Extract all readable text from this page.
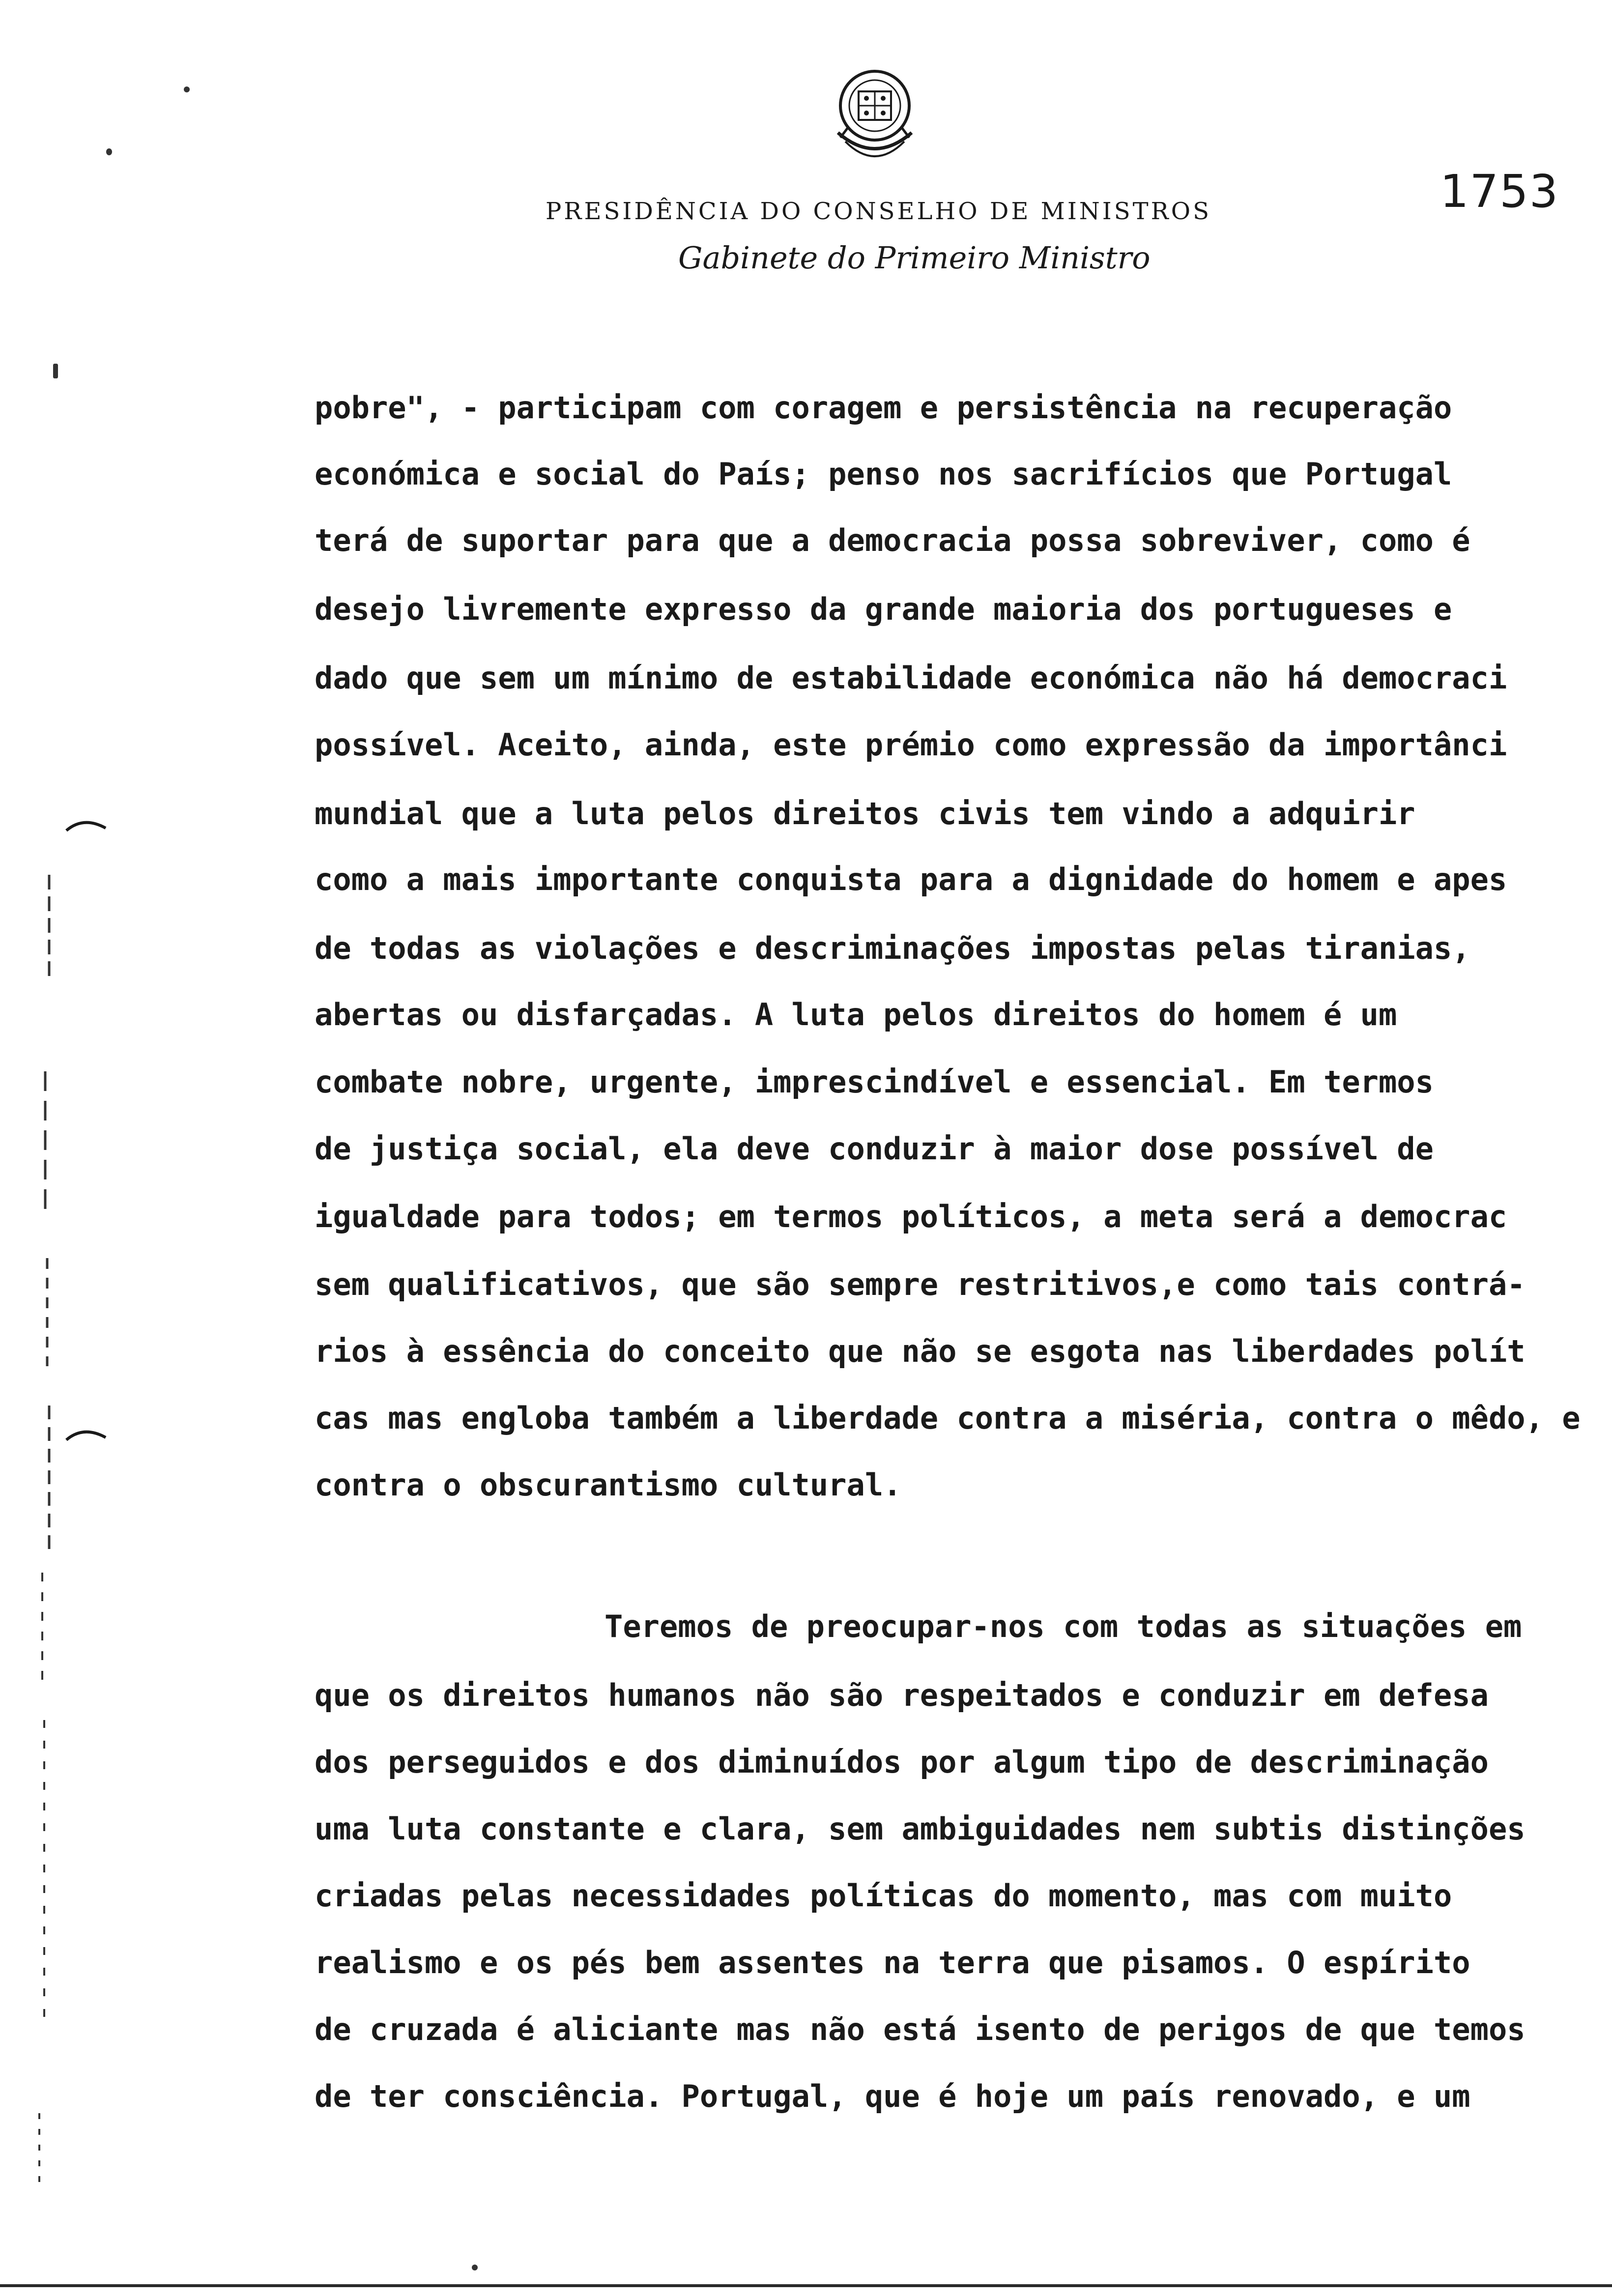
PRESIDÊNCIA DO CONSELHO DE MINISTROS
Gabinete do Primeiro Ministro
1753
pobre", - participam com coragem e persistência na recuperação
económica e social do País; penso nos sacrifícios que Portugal
terá de suportar para que a democracia possa sobreviver, como é
desejo livremente expresso da grande maioria dos portugueses e
dado que sem um mínimo de estabilidade económica não há democraci
possível. Aceito, ainda, este prémio como expressão da importânci
mundial que a luta pelos direitos civis tem vindo a adquirir
como a mais importante conquista para a dignidade do homem e apes
de todas as violações e descriminações impostas pelas tiranias,
abertas ou disfarçadas. A luta pelos direitos do homem é um
combate nobre, urgente, imprescindível e essencial. Em termos
de justiça social, ela deve conduzir à maior dose possível de
igualdade para todos; em termos políticos, a meta será a democrac
sem qualificativos, que são sempre restritivos,e como tais contrá-
rios à essência do conceito que não se esgota nas liberdades polít
cas mas engloba também a liberdade contra a miséria, contra o mêdo, e
contra o obscurantismo cultural.
Teremos de preocupar-nos com todas as situações em
que os direitos humanos não são respeitados e conduzir em defesa
dos perseguidos e dos diminuídos por algum tipo de descriminação
uma luta constante e clara, sem ambiguidades nem subtis distinções
criadas pelas necessidades políticas do momento, mas com muito
realismo e os pés bem assentes na terra que pisamos. O espírito
de cruzada é aliciante mas não está isento de perigos de que temos
de ter consciência. Portugal, que é hoje um país renovado, e um
